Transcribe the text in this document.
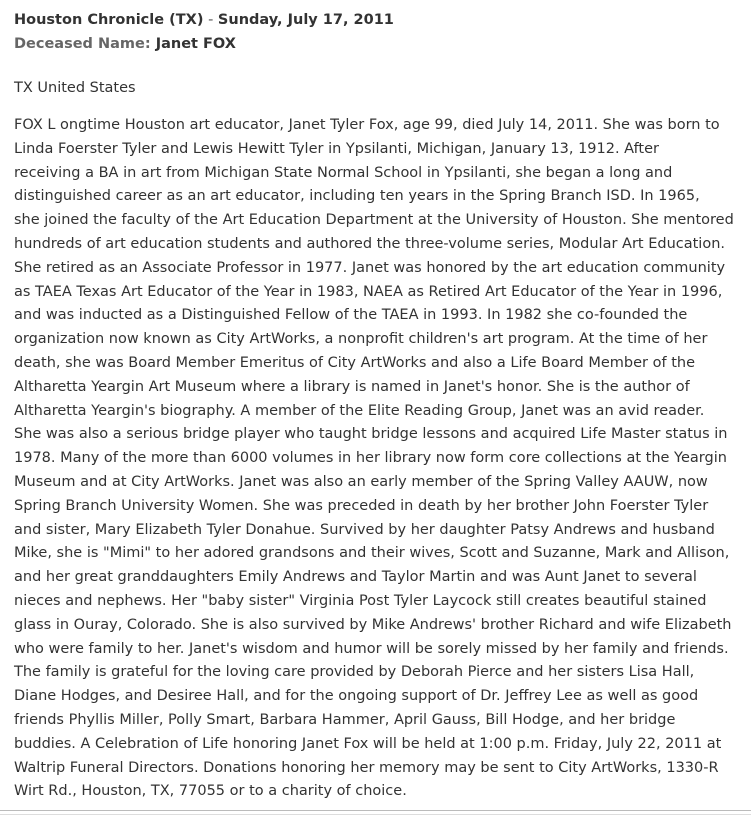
Houston Chronicle (TX) - Sunday, July 17, 2011
Deceased Name: Janet FOX
TX United States
FOX L ongtime Houston art educator, Janet Tyler Fox, age 99, died July 14, 2011. She was born to
Linda Foerster Tyler and Lewis Hewitt Tyler in Ypsilanti, Michigan, January 13, 1912. After
receiving a BA in art from Michigan State Normal School in Ypsilanti, she began a long and
distinguished career as an art educator, including ten years in the Spring Branch ISD. In 1965,
she joined the faculty of the Art Education Department at the University of Houston. She mentored
hundreds of art education students and authored the three-volume series, Modular Art Education.
She retired as an Associate Professor in 1977. Janet was honored by the art education community
as TAEA Texas Art Educator of the Year in 1983, NAEA as Retired Art Educator of the Year in 1996,
and was inducted as a Distinguished Fellow of the TAEA in 1993. In 1982 she co-founded the
organization now known as City ArtWorks, a nonprofit children's art program. At the time of her
death, she was Board Member Emeritus of City ArtWorks and also a Life Board Member of the
Altharetta Yeargin Art Museum where a library is named in Janet's honor. She is the author of
Altharetta Yeargin's biography. A member of the Elite Reading Group, Janet was an avid reader.
She was also a serious bridge player who taught bridge lessons and acquired Life Master status in
1978. Many of the more than 6000 volumes in her library now form core collections at the Yeargin
Museum and at City ArtWorks. Janet was also an early member of the Spring Valley AAUW, now
Spring Branch University Women. She was preceded in death by her brother John Foerster Tyler
and sister, Mary Elizabeth Tyler Donahue. Survived by her daughter Patsy Andrews and husband
Mike, she is "Mimi" to her adored grandsons and their wives, Scott and Suzanne, Mark and Allison,
and her great granddaughters Emily Andrews and Taylor Martin and was Aunt Janet to several
nieces and nephews. Her "baby sister" Virginia Post Tyler Laycock still creates beautiful stained
glass in Ouray, Colorado. She is also survived by Mike Andrews' brother Richard and wife Elizabeth
who were family to her. Janet's wisdom and humor will be sorely missed by her family and friends.
The family is grateful for the loving care provided by Deborah Pierce and her sisters Lisa Hall,
Diane Hodges, and Desiree Hall, and for the ongoing support of Dr. Jeffrey Lee as well as good
friends Phyllis Miller, Polly Smart, Barbara Hammer, April Gauss, Bill Hodge, and her bridge
buddies. A Celebration of Life honoring Janet Fox will be held at 1:00 p.m. Friday, July 22, 2011 at
Waltrip Funeral Directors. Donations honoring her memory may be sent to City ArtWorks, 1330-R
Wirt Rd., Houston, TX, 77055 or to a charity of choice.
